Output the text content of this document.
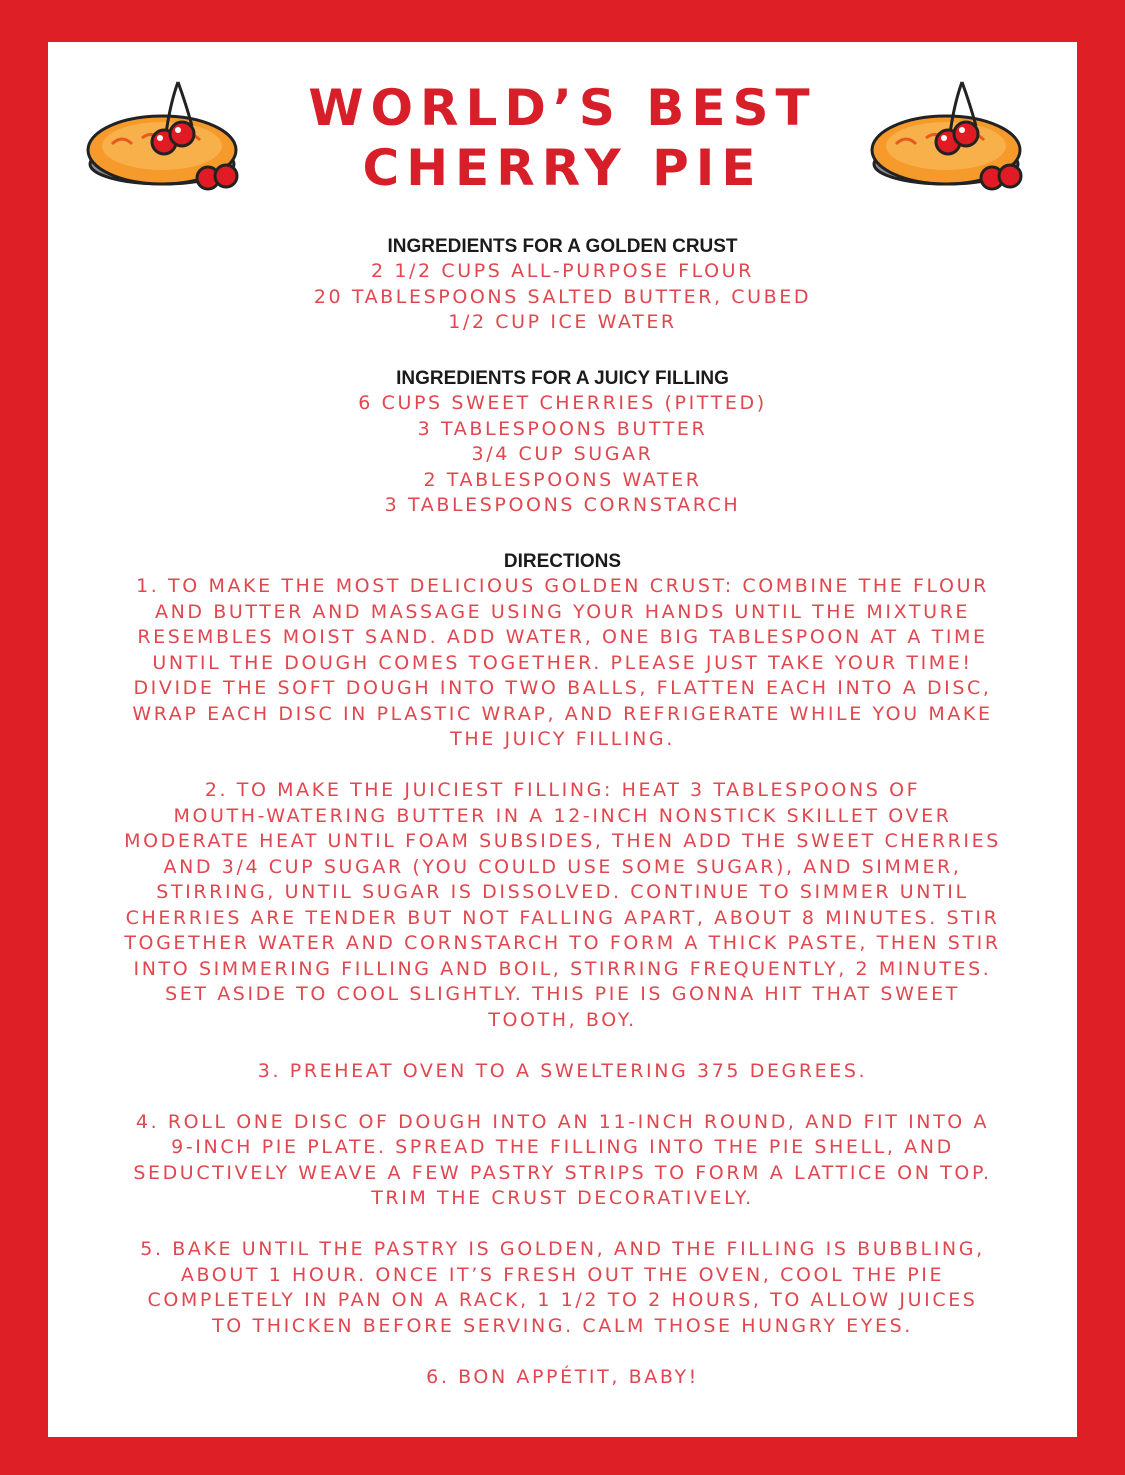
WORLD’S BEST
CHERRY PIE
INGREDIENTS FOR A GOLDEN CRUST
2 1/2 CUPS ALL-PURPOSE FLOUR
20 TABLESPOONS SALTED BUTTER, CUBED
1/2 CUP ICE WATER
INGREDIENTS FOR A JUICY FILLING
6 CUPS SWEET CHERRIES (PITTED)
3 TABLESPOONS BUTTER
3/4 CUP SUGAR
2 TABLESPOONS WATER
3 TABLESPOONS CORNSTARCH
DIRECTIONS
1. TO MAKE THE MOST DELICIOUS GOLDEN CRUST: COMBINE THE FLOUR
AND BUTTER AND MASSAGE USING YOUR HANDS UNTIL THE MIXTURE
RESEMBLES MOIST SAND. ADD WATER, ONE BIG TABLESPOON AT A TIME
UNTIL THE DOUGH COMES TOGETHER. PLEASE JUST TAKE YOUR TIME!
DIVIDE THE SOFT DOUGH INTO TWO BALLS, FLATTEN EACH INTO A DISC,
WRAP EACH DISC IN PLASTIC WRAP, AND REFRIGERATE WHILE YOU MAKE
THE JUICY FILLING.
2. TO MAKE THE JUICIEST FILLING: HEAT 3 TABLESPOONS OF
MOUTH-WATERING BUTTER IN A 12-INCH NONSTICK SKILLET OVER
MODERATE HEAT UNTIL FOAM SUBSIDES, THEN ADD THE SWEET CHERRIES
AND 3/4 CUP SUGAR (YOU COULD USE SOME SUGAR), AND SIMMER,
STIRRING, UNTIL SUGAR IS DISSOLVED. CONTINUE TO SIMMER UNTIL
CHERRIES ARE TENDER BUT NOT FALLING APART, ABOUT 8 MINUTES. STIR
TOGETHER WATER AND CORNSTARCH TO FORM A THICK PASTE, THEN STIR
INTO SIMMERING FILLING AND BOIL, STIRRING FREQUENTLY, 2 MINUTES.
SET ASIDE TO COOL SLIGHTLY. THIS PIE IS GONNA HIT THAT SWEET
TOOTH, BOY.
3. PREHEAT OVEN TO A SWELTERING 375 DEGREES.
4. ROLL ONE DISC OF DOUGH INTO AN 11-INCH ROUND, AND FIT INTO A
9-INCH PIE PLATE. SPREAD THE FILLING INTO THE PIE SHELL, AND
SEDUCTIVELY WEAVE A FEW PASTRY STRIPS TO FORM A LATTICE ON TOP.
TRIM THE CRUST DECORATIVELY.
5. BAKE UNTIL THE PASTRY IS GOLDEN, AND THE FILLING IS BUBBLING,
ABOUT 1 HOUR. ONCE IT’S FRESH OUT THE OVEN, COOL THE PIE
COMPLETELY IN PAN ON A RACK, 1 1/2 TO 2 HOURS, TO ALLOW JUICES
TO THICKEN BEFORE SERVING. CALM THOSE HUNGRY EYES.
6. BON APPÉTIT, BABY!
